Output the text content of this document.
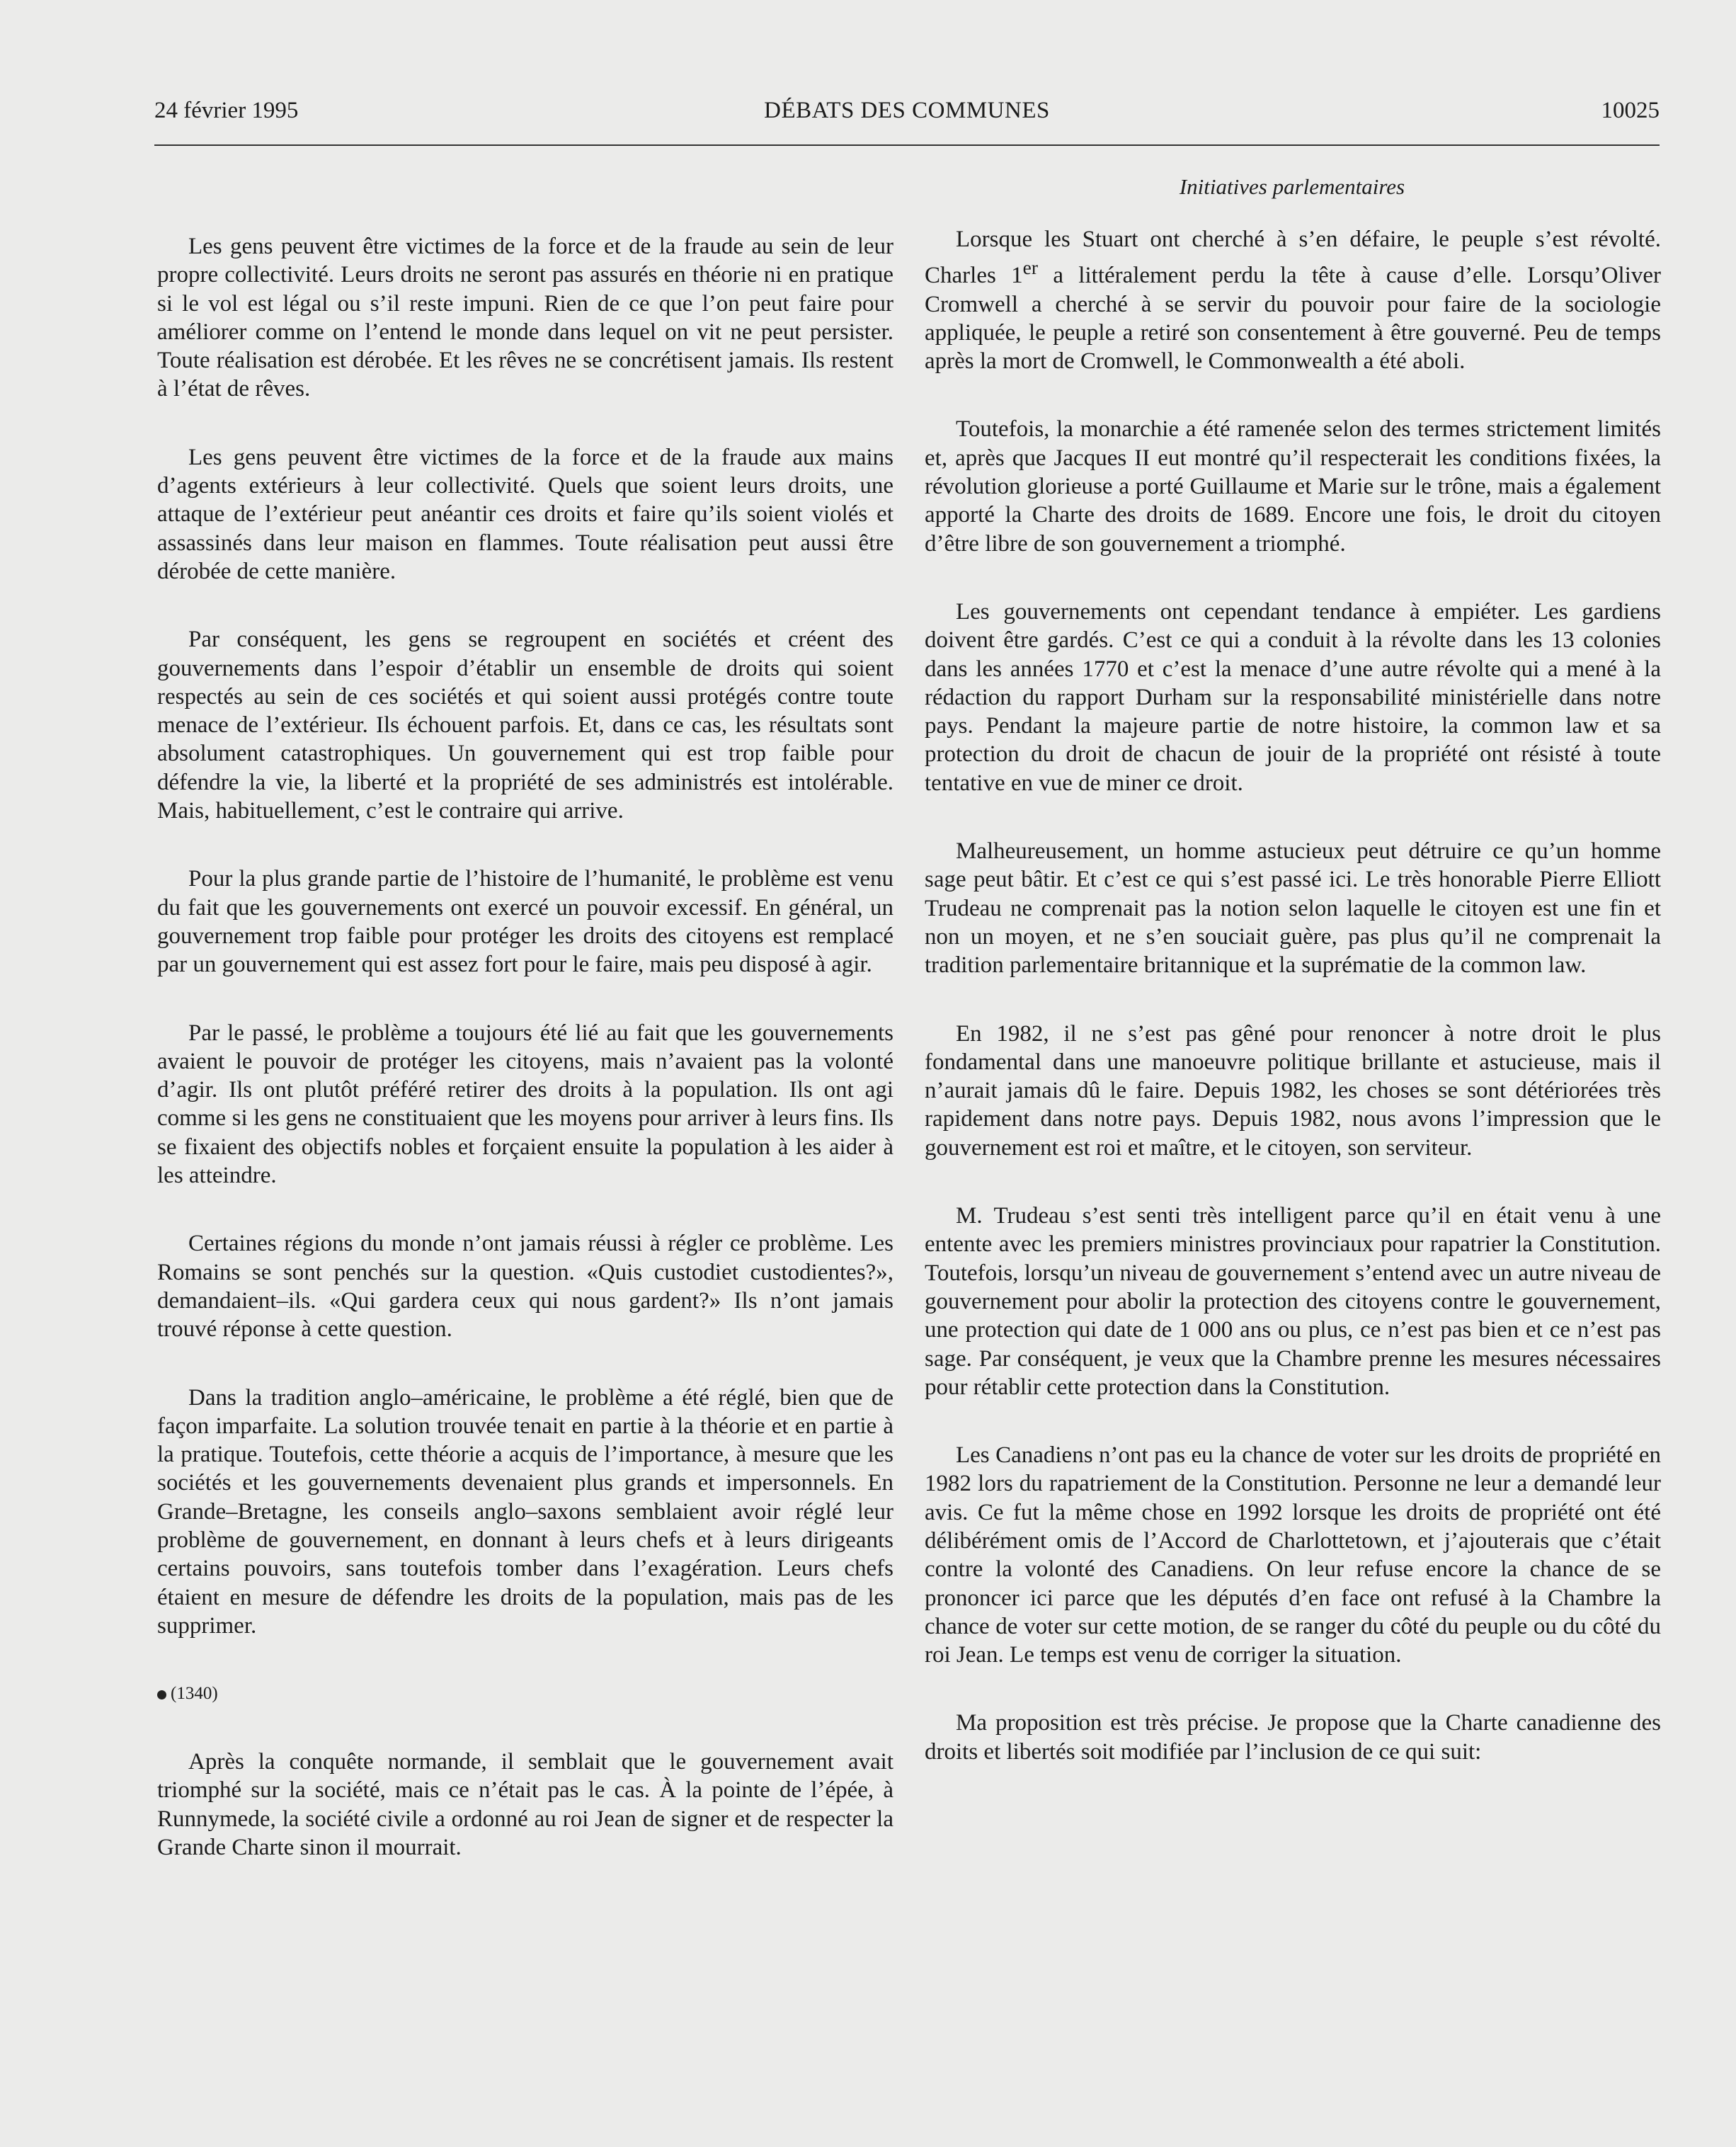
24 février 1995	DÉBATS DES COMMUNES	10025
Initiatives parlementaires

Les gens peuvent être victimes de la force et de la fraude au sein de leur propre collectivité. Leurs droits ne seront pas assurés en théorie ni en pratique si le vol est légal ou s’il reste impuni. Rien de ce que l’on peut faire pour améliorer comme on l’entend le monde dans lequel on vit ne peut persister. Toute réalisation est dérobée. Et les rêves ne se concrétisent jamais. Ils restent à l’état de rêves.

Les gens peuvent être victimes de la force et de la fraude aux mains d’agents extérieurs à leur collectivité. Quels que soient leurs droits, une attaque de l’extérieur peut anéantir ces droits et faire qu’ils soient violés et assassinés dans leur maison en flammes. Toute réalisation peut aussi être dérobée de cette manière.

Par conséquent, les gens se regroupent en sociétés et créent des gouvernements dans l’espoir d’établir un ensemble de droits qui soient respectés au sein de ces sociétés et qui soient aussi protégés contre toute menace de l’extérieur. Ils échouent parfois. Et, dans ce cas, les résultats sont absolument catastrophiques. Un gouvernement qui est trop faible pour défendre la vie, la liberté et la propriété de ses administrés est intolérable. Mais, habituellement, c’est le contraire qui arrive.

Pour la plus grande partie de l’histoire de l’humanité, le problème est venu du fait que les gouvernements ont exercé un pouvoir excessif. En général, un gouvernement trop faible pour protéger les droits des citoyens est remplacé par un gouvernement qui est assez fort pour le faire, mais peu disposé à agir.

Par le passé, le problème a toujours été lié au fait que les gouvernements avaient le pouvoir de protéger les citoyens, mais n’avaient pas la volonté d’agir. Ils ont plutôt préféré retirer des droits à la population. Ils ont agi comme si les gens ne constituaient que les moyens pour arriver à leurs fins. Ils se fixaient des objectifs nobles et forçaient ensuite la population à les aider à les atteindre.

Certaines régions du monde n’ont jamais réussi à régler ce problème. Les Romains se sont penchés sur la question. «Quis custodiet custodientes?», demandaient–ils. «Qui gardera ceux qui nous gardent?» Ils n’ont jamais trouvé réponse à cette question.

Dans la tradition anglo–américaine, le problème a été réglé, bien que de façon imparfaite. La solution trouvée tenait en partie à la théorie et en partie à la pratique. Toutefois, cette théorie a acquis de l’importance, à mesure que les sociétés et les gouvernements devenaient plus grands et impersonnels. En Grande–Bretagne, les conseils anglo–saxons semblaient avoir réglé leur problème de gouvernement, en donnant à leurs chefs et à leurs dirigeants certains pouvoirs, sans toutefois tomber dans l’exagération. Leurs chefs étaient en mesure de défendre les droits de la population, mais pas de les supprimer.

(1340)

Après la conquête normande, il semblait que le gouvernement avait triomphé sur la société, mais ce n’était pas le cas. À la pointe de l’épée, à Runnymede, la société civile a ordonné au roi Jean de signer et de respecter la Grande Charte sinon il mourrait.

Lorsque les Stuart ont cherché à s’en défaire, le peuple s’est révolté. Charles 1er a littéralement perdu la tête à cause d’elle. Lorsqu’Oliver Cromwell a cherché à se servir du pouvoir pour faire de la sociologie appliquée, le peuple a retiré son consentement à être gouverné. Peu de temps après la mort de Cromwell, le Commonwealth a été aboli.

Toutefois, la monarchie a été ramenée selon des termes strictement limités et, après que Jacques II eut montré qu’il respecterait les conditions fixées, la révolution glorieuse a porté Guillaume et Marie sur le trône, mais a également apporté la Charte des droits de 1689. Encore une fois, le droit du citoyen d’être libre de son gouvernement a triomphé.

Les gouvernements ont cependant tendance à empiéter. Les gardiens doivent être gardés. C’est ce qui a conduit à la révolte dans les 13 colonies dans les années 1770 et c’est la menace d’une autre révolte qui a mené à la rédaction du rapport Durham sur la responsabilité ministérielle dans notre pays. Pendant la majeure partie de notre histoire, la common law et sa protection du droit de chacun de jouir de la propriété ont résisté à toute tentative en vue de miner ce droit.

Malheureusement, un homme astucieux peut détruire ce qu’un homme sage peut bâtir. Et c’est ce qui s’est passé ici. Le très honorable Pierre Elliott Trudeau ne comprenait pas la notion selon laquelle le citoyen est une fin et non un moyen, et ne s’en souciait guère, pas plus qu’il ne comprenait la tradition parlementaire britannique et la suprématie de la common law.

En 1982, il ne s’est pas gêné pour renoncer à notre droit le plus fondamental dans une manoeuvre politique brillante et astucieuse, mais il n’aurait jamais dû le faire. Depuis 1982, les choses se sont détériorées très rapidement dans notre pays. Depuis 1982, nous avons l’impression que le gouvernement est roi et maître, et le citoyen, son serviteur.

M. Trudeau s’est senti très intelligent parce qu’il en était venu à une entente avec les premiers ministres provinciaux pour rapatrier la Constitution. Toutefois, lorsqu’un niveau de gouvernement s’entend avec un autre niveau de gouvernement pour abolir la protection des citoyens contre le gouvernement, une protection qui date de 1 000 ans ou plus, ce n’est pas bien et ce n’est pas sage. Par conséquent, je veux que la Chambre prenne les mesures nécessaires pour rétablir cette protection dans la Constitution.

Les Canadiens n’ont pas eu la chance de voter sur les droits de propriété en 1982 lors du rapatriement de la Constitution. Personne ne leur a demandé leur avis. Ce fut la même chose en 1992 lorsque les droits de propriété ont été délibérément omis de l’Accord de Charlottetown, et j’ajouterais que c’était contre la volonté des Canadiens. On leur refuse encore la chance de se prononcer ici parce que les députés d’en face ont refusé à la Chambre la chance de voter sur cette motion, de se ranger du côté du peuple ou du côté du roi Jean. Le temps est venu de corriger la situation.

Ma proposition est très précise. Je propose que la Charte canadienne des droits et libertés soit modifiée par l’inclusion de ce qui suit:
